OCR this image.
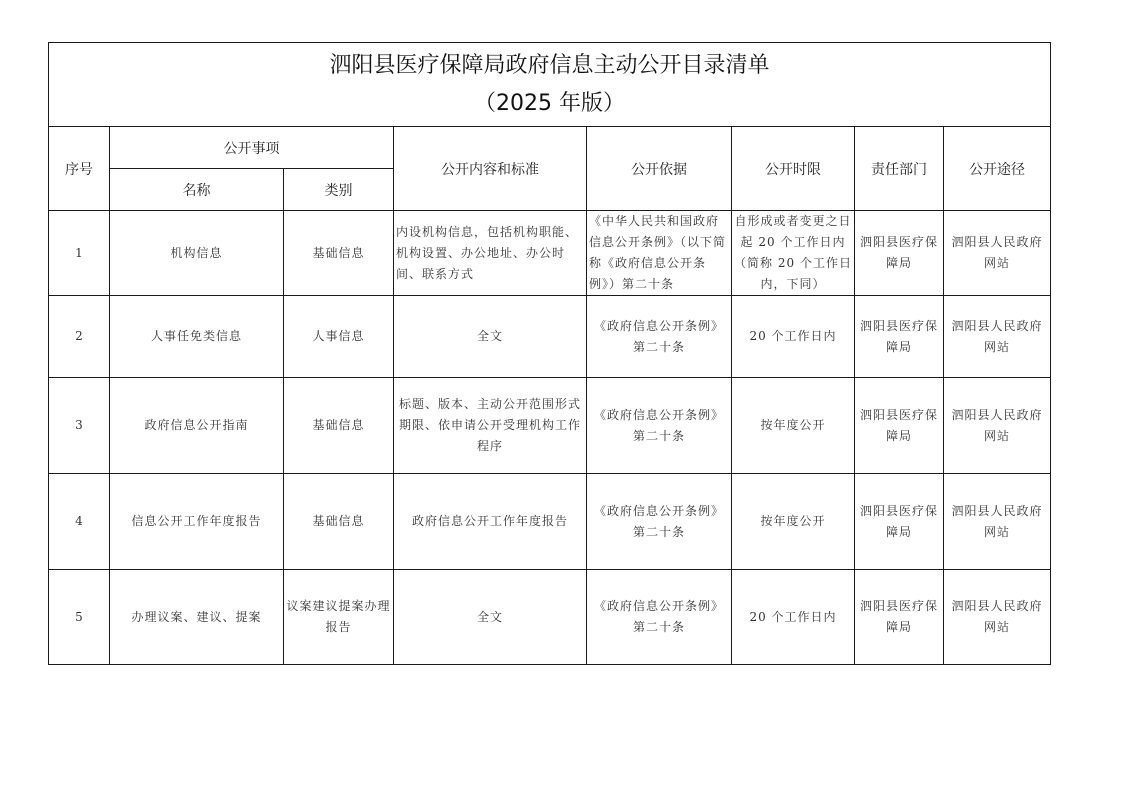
泗阳县医疗保障局政府信息主动公开目录清单
（2025 年版）							

序号	公开事项		公开内容和标准	公开依据	公开时限	责任部门	公开途径
	名称	类别					
1	机构信息	基础信息	内设机构信息，包括机构职能、机构设置、办公地址、办公时间、联系方式	《中华人民共和国政府信息公开条例》（以下简称《政府信息公开条例》）第二十条	自形成或者变更之日起 20 个工作日内（简称 20 个工作日内，下同）	泗阳县医疗保障局	泗阳县人民政府网站
2	人事任免类信息	人事信息	全文	《政府信息公开条例》第二十条	20 个工作日内	泗阳县医疗保障局	泗阳县人民政府网站
3	政府信息公开指南	基础信息	标题、版本、主动公开范围形式期限、依申请公开受理机构工作程序	《政府信息公开条例》第二十条	按年度公开	泗阳县医疗保障局	泗阳县人民政府网站
4	信息公开工作年度报告	基础信息	政府信息公开工作年度报告	《政府信息公开条例》第二十条	按年度公开	泗阳县医疗保障局	泗阳县人民政府网站
5	办理议案、建议、提案	议案建议提案办理报告	全文	《政府信息公开条例》第二十条	20 个工作日内	泗阳县医疗保障局	泗阳县人民政府网站
